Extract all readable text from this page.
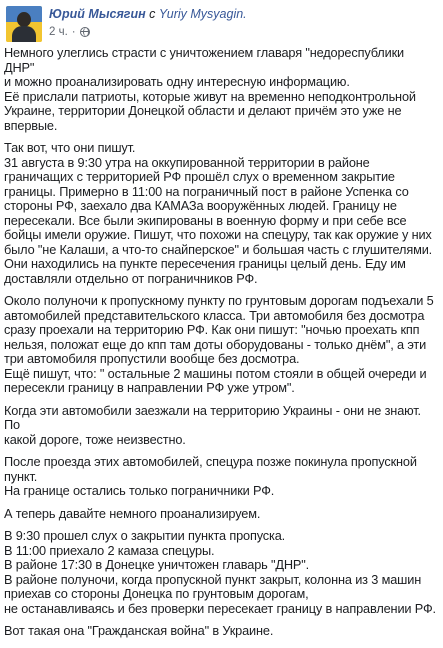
Юрий Мысягин с Yuriy Mysyagin.
2 ч. ·

Немного улеглись страсти с уничтожением главаря "недореспублики ДНР"
и можно проанализировать одну интересную информацию.
Её прислали патриоты, которые живут на временно неподконтрольной
Украине, территории Донецкой области и делают причём это уже не
впервые.

Так вот, что они пишут.
31 августа в 9:30 утра на оккупированной территории в районе
граничащих с территорией РФ прошёл слух о временном закрытие
границы. Примерно в 11:00 на пограничный пост в районе Успенка со
стороны РФ, заехало два КАМАЗа вооружённых людей. Границу не
пересекали. Все были экипированы в военную форму и при себе все
бойцы имели оружие. Пишут, что похожи на спецуру, так как оружие у них
было "не Калаши, а что-то снайперское" и большая часть с глушителями.
Они находились на пункте пересечения границы целый день. Еду им
доставляли отдельно от пограничников РФ.

Около полуночи к пропускному пункту по грунтовым дорогам подъехали 5
автомобилей представительского класса. Три автомобиля без досмотра
сразу проехали на территорию РФ. Как они пишут: "ночью проехать кпп
нельзя, положат еще до кпп там доты оборудованы - только днём", а эти
три автомобиля пропустили вообще без досмотра.
Ещё пишут, что: " остальные 2 машины потом стояли в общей очереди и
пересекли границу в направлении РФ уже утром".

Когда эти автомобили заезжали на территорию Украины - они не знают. По
какой дороге, тоже неизвестно.

После проезда этих автомобилей, спецура позже покинула пропускной
пункт.
На границе остались только пограничники РФ.

А теперь давайте немного проанализируем.

В 9:30 прошел слух о закрытии пункта пропуска.
В 11:00 приехало 2 камаза спецуры.
В районе 17:30 в Донецке уничтожен главарь "ДНР".
В районе полуночи, когда пропускной пункт закрыт, колонна из 3 машин
приехав со стороны Донецка по грунтовым дорогам,
не останавливаясь и без проверки пересекает границу в направлении РФ.

Вот такая она "Гражданская война" в Украине.
